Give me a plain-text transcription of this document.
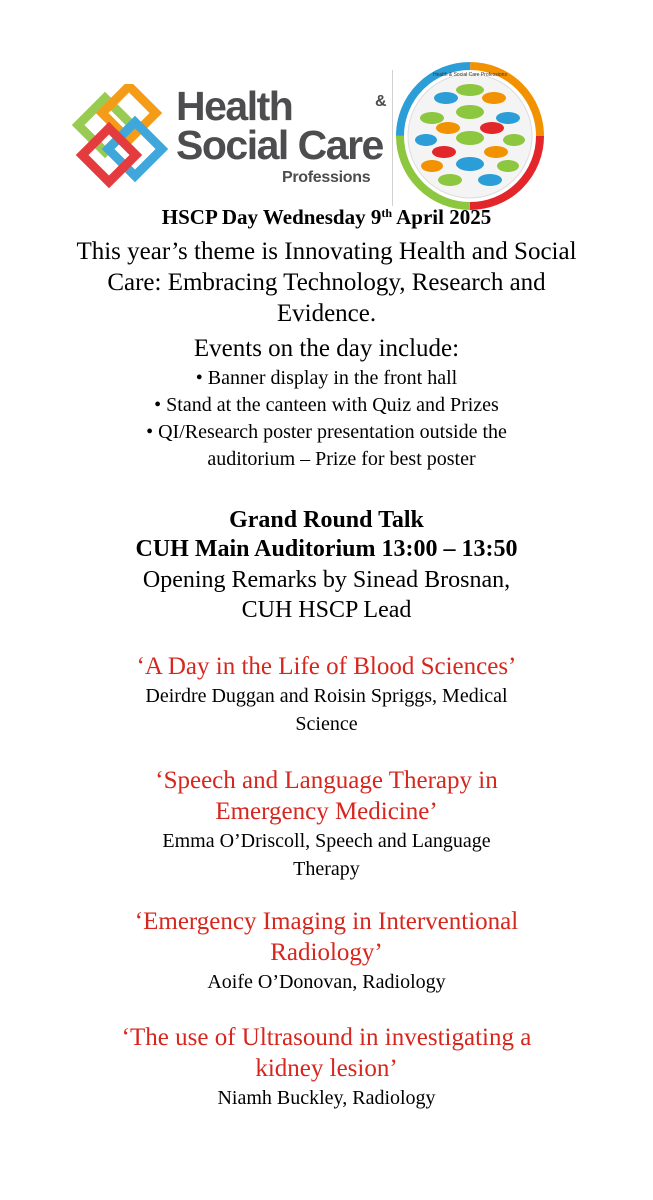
Health	&
Social Care
Professions
Health & Social Care Professions
HSCP Day Wednesday 9th April 2025
This year’s theme is Innovating Health and Social Care: Embracing Technology, Research and Evidence.
Events on the day include:
• Banner display in the front hall
• Stand at the canteen with Quiz and Prizes
• QI/Research poster presentation outside the
auditorium – Prize for best poster
Grand Round Talk
CUH Main Auditorium 13:00 – 13:50
Opening Remarks by Sinead Brosnan,
CUH HSCP Lead
‘A Day in the Life of Blood Sciences’
Deirdre Duggan and Roisin Spriggs, Medical
Science
‘Speech and Language Therapy in
Emergency Medicine’
Emma O’Driscoll, Speech and Language
Therapy
‘Emergency Imaging in Interventional
Radiology’
Aoife O’Donovan, Radiology
‘The use of Ultrasound in investigating a
kidney lesion’
Niamh Buckley, Radiology
